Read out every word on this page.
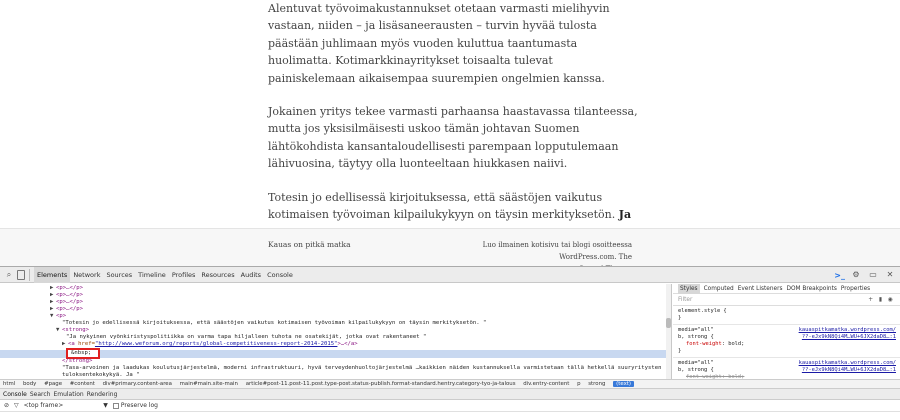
Alentuvat työvoimakustannukset otetaan varmasti mielihyvin vastaan, niiden – ja lisäsaneerausten – turvin hyvää tulosta päästään juhlimaan myös vuoden kuluttua taantumasta huolimatta. Kotimarkkinayritykset toisaalta tulevat painiskelemaan aikaisempaa suurempien ongelmien kanssa.

Jokainen yritys tekee varmasti parhaansa haastavassa tilanteessa, mutta jos yksisilmäisesti uskoo tämän johtavan Suomen lähtökohdista kansantaloudellisesti parempaan lopputulemaan lähivuosina, täytyy olla luonteeltaan hiukkasen naiivi.

Totesin jo edellisessä kirjoituksessa, että säästöjen vaikutus kotimaisen työvoiman kilpailukykyyn on täysin merkityksetön. Ja

Kauas on pitkä matka	Luo ilmainen kotisivu tai blogi osoitteessa WordPress.com. The
⌕	Elements Network Sources Timeline Profiles Resources Audits Console	>_ ⚙	▭	✕
▶ <p>…</p>
▶ <p>…</p>
▶ <p>…</p>
▶ <p>…</p>
▼ <p>
"Totesin jo edellisessä kirjoituksessa, että säästöjen vaikutus kotimaisen työvoiman kilpailukykyyn on täysin merkityksetön. "
▼ <strong>
"Ja nykyinen vyönkiristyspolitiikka on varma tapa hiljalleen tuhota ne osatekijät, jotka ovat rakentaneet "
▶ <a href="http://www.weforum.org/reports/global-competitiveness-report-2014-2015">…</a>
&nbsp;
</strong>
"Tasa-arvoinen ja laadukas koulutusjärjestelmä, moderni infrastruktuuri, hyvä terveydenhuoltojärjestelmä …kaikkien näiden kustannuksella varmistetaan tällä hetkellä suuryritysten tuloksentekokykyä. Ja "
Styles	Computed Event Listeners DOM Breakpoints Properties
Filter	+ ▮ ◉
element.style {
}
media="all"
b, strong {
font-weight: bold;
}
kauaspitkamatka.wordpress.com/
??-eJx9kN8Qi4M…WU+6JX2daD8…:1
media="all"
b, strong {
font-weight: bold;
kauaspitkamatka.wordpress.com/
??-eJx9kN8Qi4M…WU+6JX2daD8…:1
html body #page #content div#primary.content-area main#main.site-main article#post-11.post-11.post.type-post.status-publish.format-standard.hentry.category-tyo-ja-talous div.entry-content p strong (text)
Console Search Emulation Rendering
⊘ ▽ <top frame>	▼	Preserve log
